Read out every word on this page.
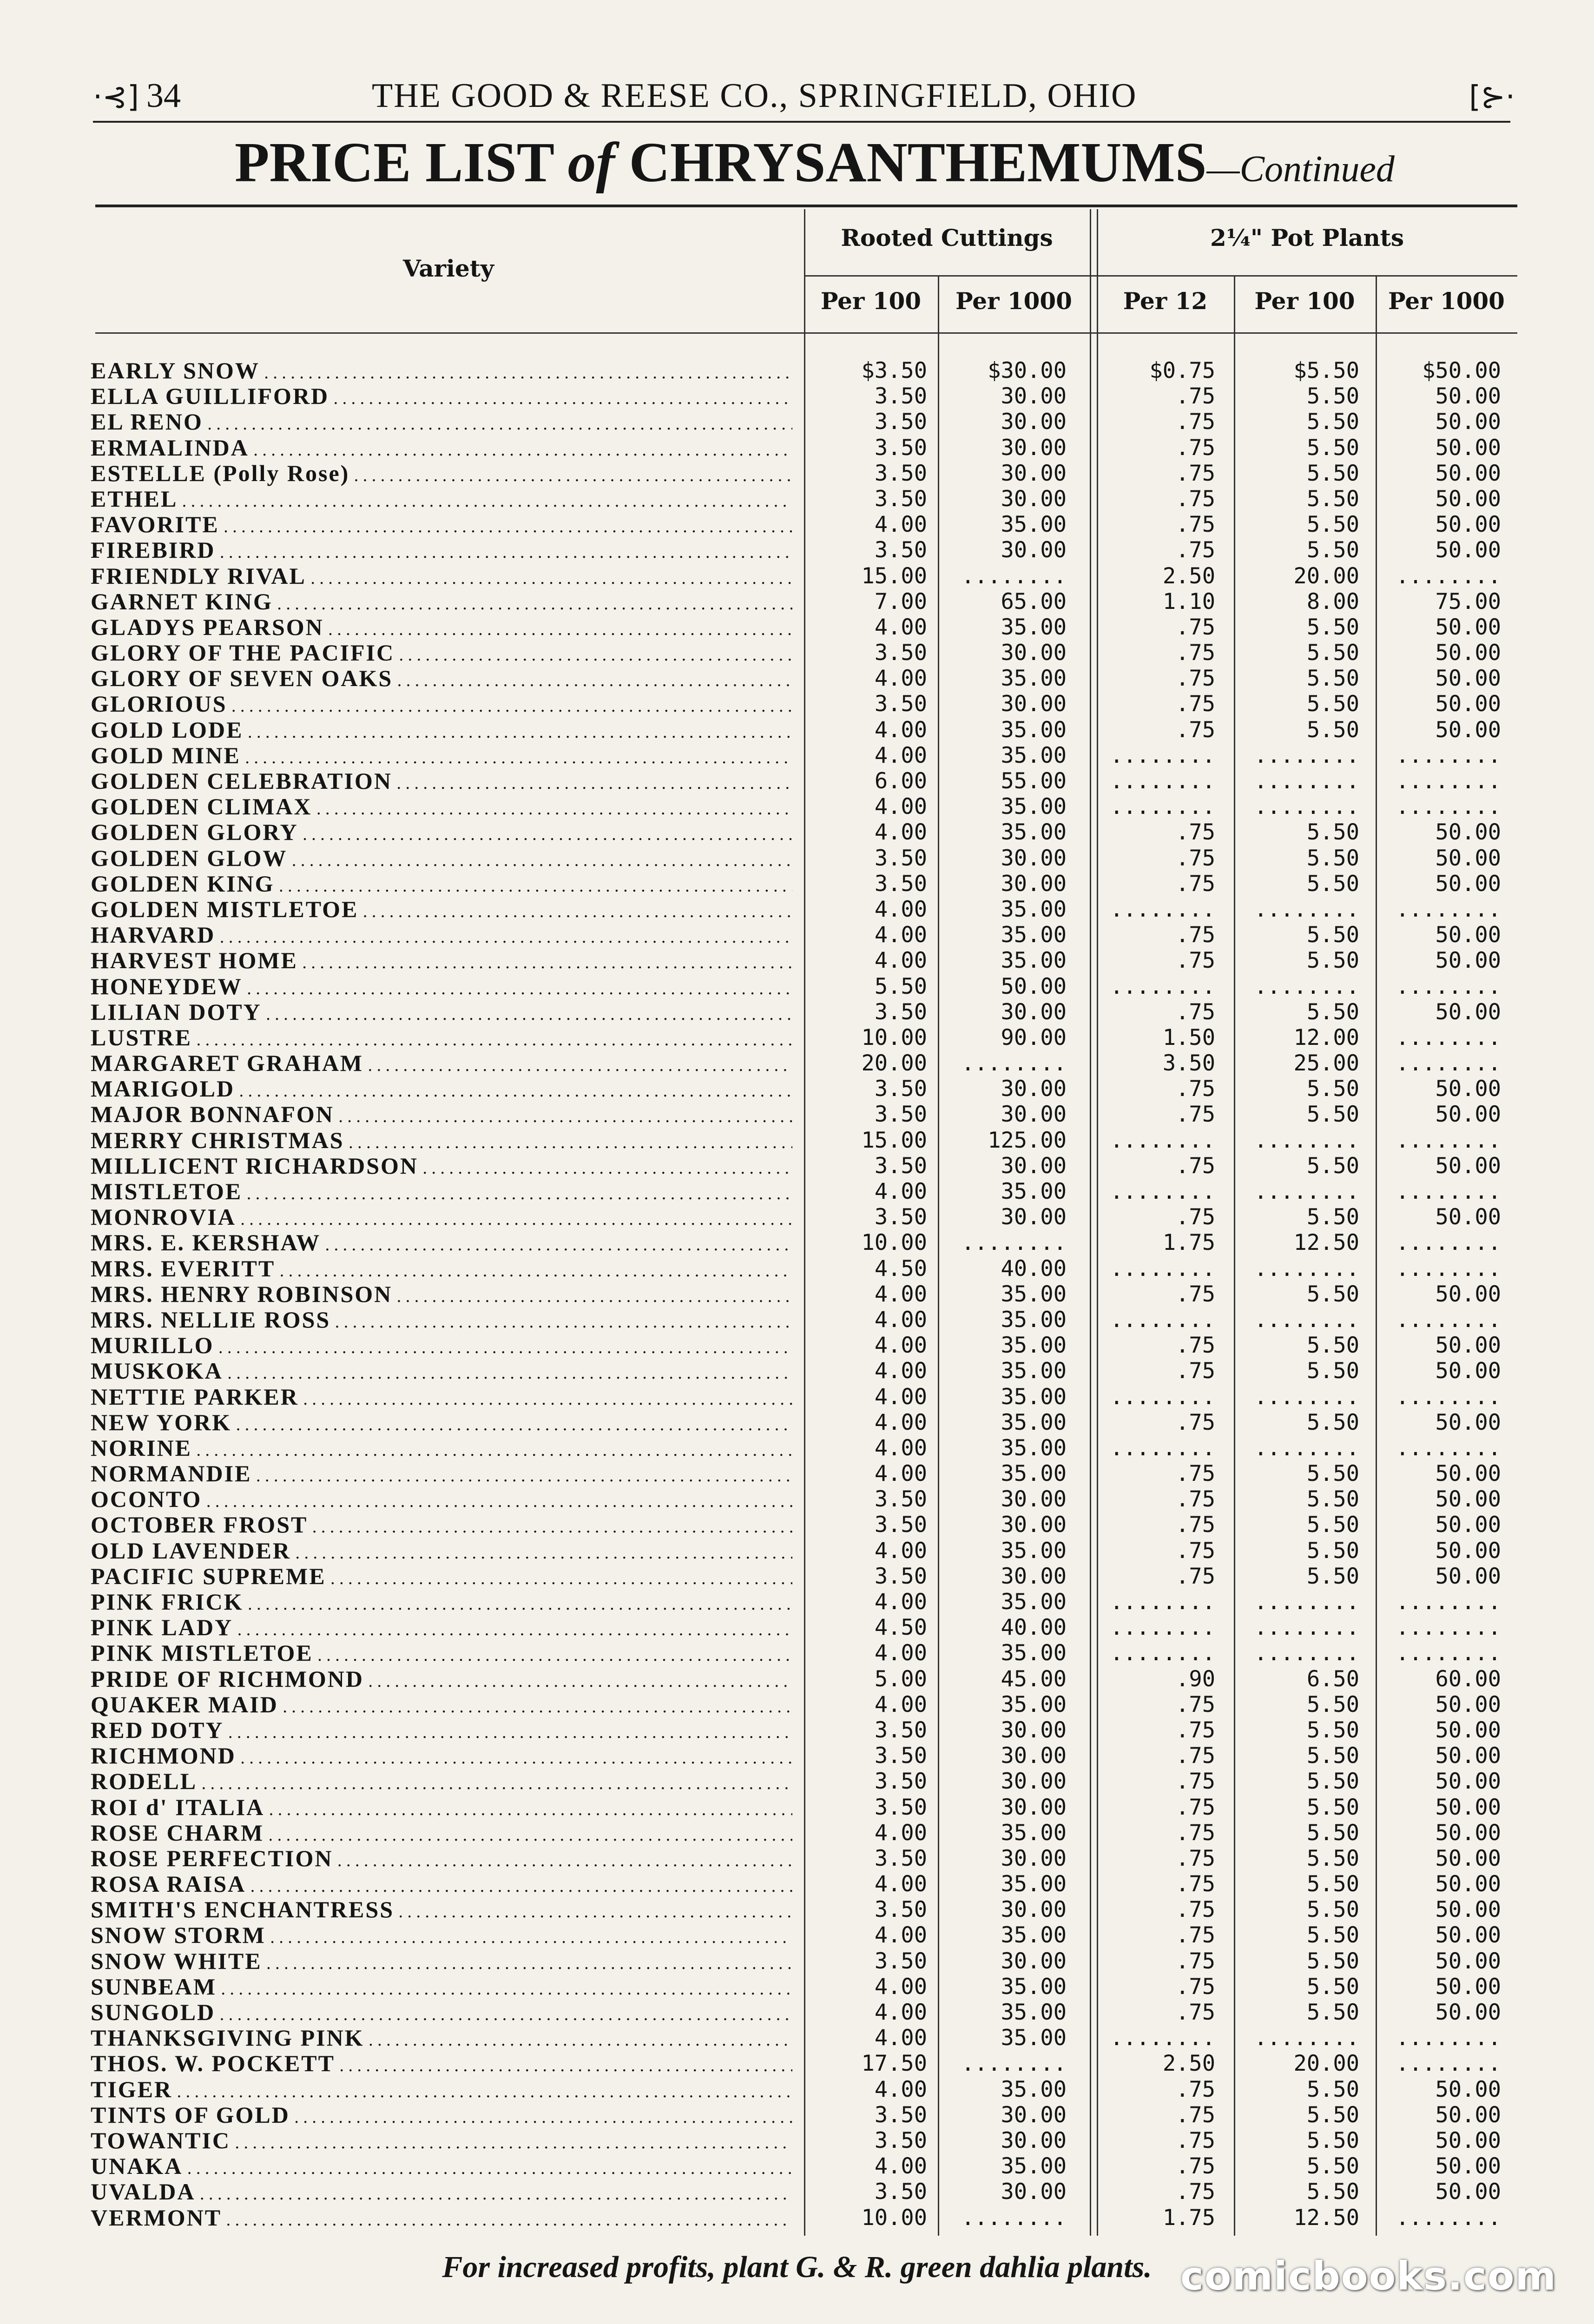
·⊰] 34	THE GOOD & REESE CO., SPRINGFIELD, OHIO	[⊱·
PRICE LIST of CHRYSANTHEMUMS—Continued
Variety
Rooted Cuttings	2¼" Pot Plants
Per 100	Per 1000	Per 12	Per 100	Per 1000
EARLY SNOW . . .	$3.50	$30.00	$0.75	$5.50	$50.00
ELLA GUILLIFORD . . .	3.50	30.00	.75	5.50	50.00
EL RENO . . .	3.50	30.00	.75	5.50	50.00
ERMALINDA . . .	3.50	30.00	.75	5.50	50.00
ESTELLE (Polly Rose) . . .	3.50	30.00	.75	5.50	50.00
ETHEL . . .	3.50	30.00	.75	5.50	50.00
FAVORITE . . .	4.00	35.00	.75	5.50	50.00
FIREBIRD . . .	3.50	30.00	.75	5.50	50.00
FRIENDLY RIVAL . . .	15.00	........	2.50	20.00	........
GARNET KING . . .	7.00	65.00	1.10	8.00	75.00
GLADYS PEARSON . . .	4.00	35.00	.75	5.50	50.00
GLORY OF THE PACIFIC . . .	3.50	30.00	.75	5.50	50.00
GLORY OF SEVEN OAKS . . .	4.00	35.00	.75	5.50	50.00
GLORIOUS . . .	3.50	30.00	.75	5.50	50.00
GOLD LODE . . .	4.00	35.00	.75	5.50	50.00
GOLD MINE . . .	4.00	35.00 ........	........	........
GOLDEN CELEBRATION . . .	6.00	55.00 ........	........	........
GOLDEN CLIMAX . . .	4.00	35.00 ........	........	........
GOLDEN GLORY . . .	4.00	35.00	.75	5.50	50.00
GOLDEN GLOW . . .	3.50	30.00	.75	5.50	50.00
GOLDEN KING . . .	3.50	30.00	.75	5.50	50.00
GOLDEN MISTLETOE . . .	4.00	35.00 ........	........	........
HARVARD . . .	4.00	35.00	.75	5.50	50.00
HARVEST HOME . . .	4.00	35.00	.75	5.50	50.00
HONEYDEW . . .	5.50	50.00 ........	........	........
LILIAN DOTY . . .	3.50	30.00	.75	5.50	50.00
LUSTRE . . .	10.00	90.00	1.50	12.00	........
MARGARET GRAHAM . . .	20.00	........	3.50	25.00	........
MARIGOLD . . .	3.50	30.00	.75	5.50	50.00
MAJOR BONNAFON . . .	3.50	30.00	.75	5.50	50.00
MERRY CHRISTMAS . . .	15.00	125.00 ........	........	........
MILLICENT RICHARDSON . . .	3.50	30.00	.75	5.50	50.00
MISTLETOE . . .	4.00	35.00 ........	........	........
MONROVIA . . .	3.50	30.00	.75	5.50	50.00
MRS. E. KERSHAW . . .	10.00	........	1.75	12.50	........
MRS. EVERITT . . .	4.50	40.00 ........	........	........
MRS. HENRY ROBINSON . . .	4.00	35.00	.75	5.50	50.00
MRS. NELLIE ROSS . . .	4.00	35.00 ........	........	........
MURILLO . . .	4.00	35.00	.75	5.50	50.00
MUSKOKA . . .	4.00	35.00	.75	5.50	50.00
NETTIE PARKER . . .	4.00	35.00 ........	........	........
NEW YORK . . .	4.00	35.00	.75	5.50	50.00
NORINE . . .	4.00	35.00 ........	........	........
NORMANDIE . . .	4.00	35.00	.75	5.50	50.00
OCONTO . . .	3.50	30.00	.75	5.50	50.00
OCTOBER FROST . . .	3.50	30.00	.75	5.50	50.00
OLD LAVENDER . . .	4.00	35.00	.75	5.50	50.00
PACIFIC SUPREME . . .	3.50	30.00	.75	5.50	50.00
PINK FRICK . . .	4.00	35.00 ........	........	........
PINK LADY . . .	4.50	40.00 ........	........	........
PINK MISTLETOE . . .	4.00	35.00 ........	........	........
PRIDE OF RICHMOND . . .	5.00	45.00	.90	6.50	60.00
QUAKER MAID . . .	4.00	35.00	.75	5.50	50.00
RED DOTY . . .	3.50	30.00	.75	5.50	50.00
RICHMOND . . .	3.50	30.00	.75	5.50	50.00
RODELL . . .	3.50	30.00	.75	5.50	50.00
ROI d' ITALIA . . .	3.50	30.00	.75	5.50	50.00
ROSE CHARM . . .	4.00	35.00	.75	5.50	50.00
ROSE PERFECTION . . .	3.50	30.00	.75	5.50	50.00
ROSA RAISA . . .	4.00	35.00	.75	5.50	50.00
SMITH'S ENCHANTRESS . . .	3.50	30.00	.75	5.50	50.00
SNOW STORM . . .	4.00	35.00	.75	5.50	50.00
SNOW WHITE . . .	3.50	30.00	.75	5.50	50.00
SUNBEAM . . .	4.00	35.00	.75	5.50	50.00
SUNGOLD . . .	4.00	35.00	.75	5.50	50.00
THANKSGIVING PINK . . .	4.00	35.00 ........	........	........
THOS. W. POCKETT . . .	17.50	........	2.50	20.00	........
TIGER . . .	4.00	35.00	.75	5.50	50.00
TINTS OF GOLD . . .	3.50	30.00	.75	5.50	50.00
TOWANTIC . . .	3.50	30.00	.75	5.50	50.00
UNAKA . . .	4.00	35.00	.75	5.50	50.00
UVALDA . . .	3.50	30.00	.75	5.50	50.00
VERMONT . . .	10.00	........	1.75	12.50	........
For increased profits, plant G. & R. green dahlia plants. comicbooks.com
